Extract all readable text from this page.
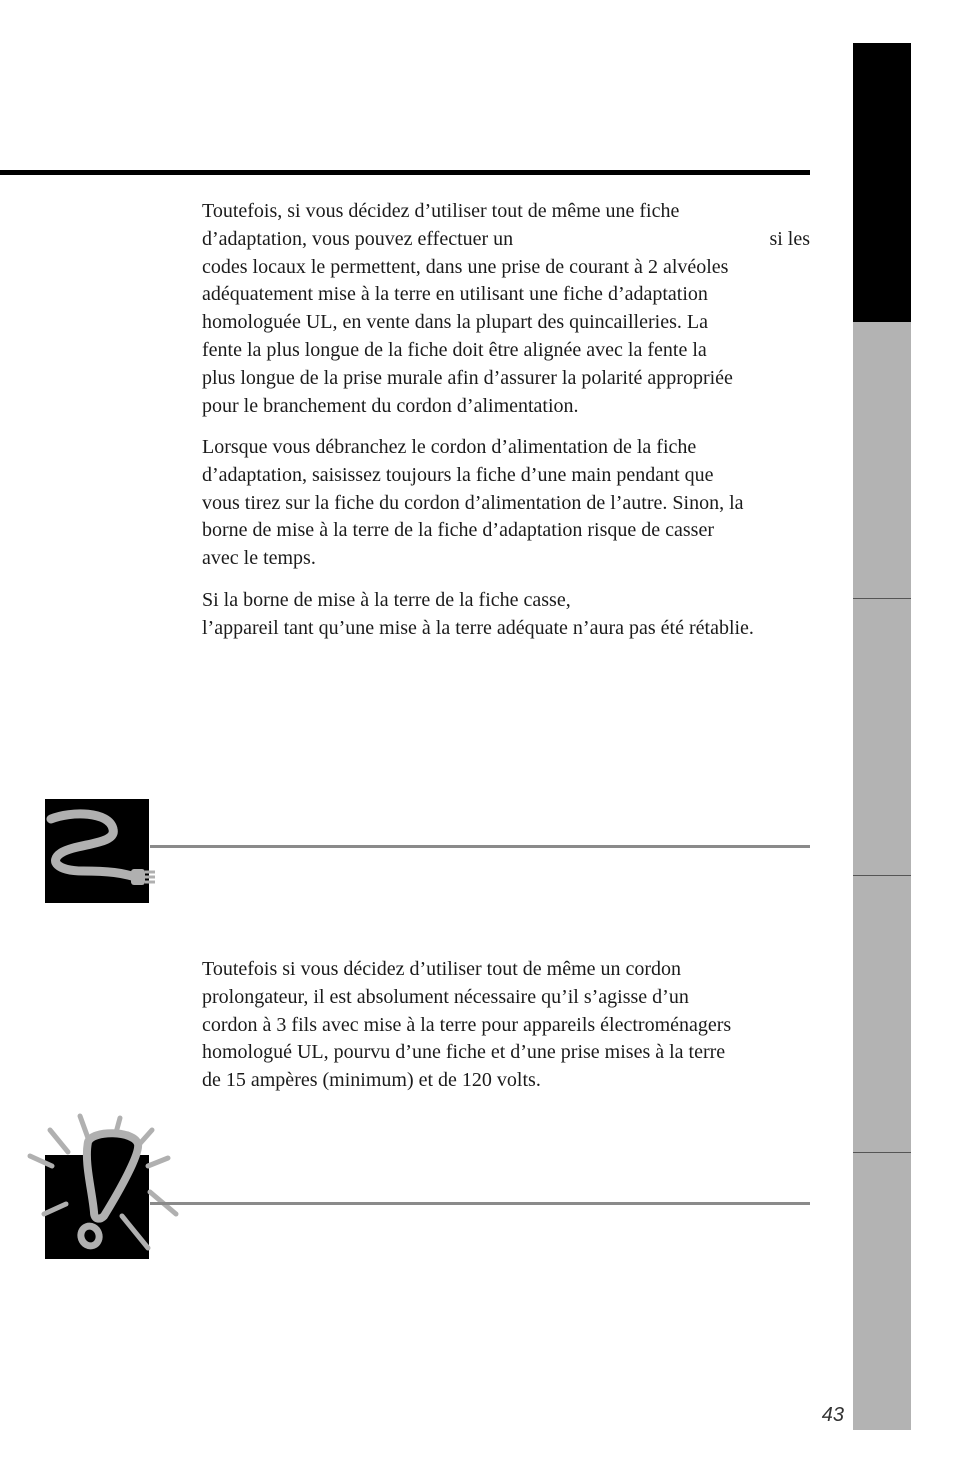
Toutefois, si vous décidez d’utiliser tout de même une fiche
d’adaptation, vous pouvez effectuer un	si les
codes locaux le permettent, dans une prise de courant à 2 alvéoles
adéquatement mise à la terre en utilisant une fiche d’adaptation
homologuée UL, en vente dans la plupart des quincailleries. La
fente la plus longue de la fiche doit être alignée avec la fente la
plus longue de la prise murale afin d’assurer la polarité appropriée
pour le branchement du cordon d’alimentation.
Lorsque vous débranchez le cordon d’alimentation de la fiche
d’adaptation, saisissez toujours la fiche d’une main pendant que
vous tirez sur la fiche du cordon d’alimentation de l’autre. Sinon, la
borne de mise à la terre de la fiche d’adaptation risque de casser
avec le temps.
Si la borne de mise à la terre de la fiche casse,
l’appareil tant qu’une mise à la terre adéquate n’aura pas été rétablie.
Toutefois si vous décidez d’utiliser tout de même un cordon
prolongateur, il est absolument nécessaire qu’il s’agisse d’un
cordon à 3 fils avec mise à la terre pour appareils électroménagers
homologué UL, pourvu d’une fiche et d’une prise mises à la terre
de 15 ampères (minimum) et de 120 volts.
43
